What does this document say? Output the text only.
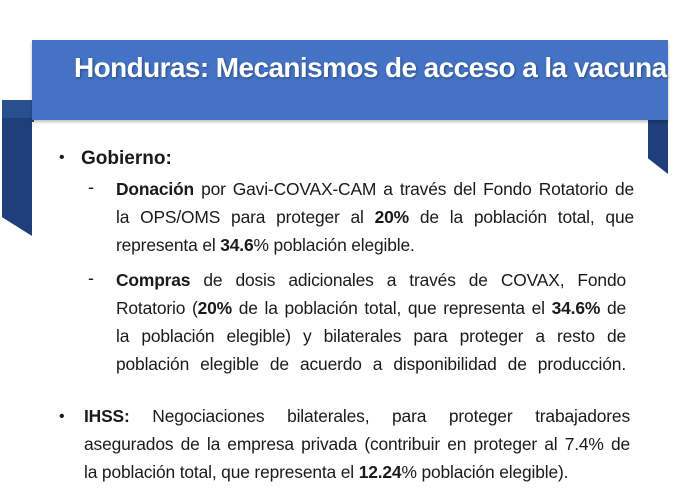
Honduras: Mecanismos de acceso a la vacuna
• Gobierno:
- Donación por Gavi-COVAX-CAM a través del Fondo Rotatorio de
la OPS/OMS para proteger al 20% de la población total, que
representa el 34.6% población elegible.
- Compras de dosis adicionales a través de COVAX, Fondo
Rotatorio (20% de la población total, que representa el 34.6% de
la población elegible) y bilaterales para proteger a resto de
población elegible de acuerdo a disponibilidad de producción.
• IHSS: Negociaciones bilaterales, para proteger trabajadores
asegurados de la empresa privada (contribuir en proteger al 7.4% de
la población total, que representa el 12.24% población elegible).
